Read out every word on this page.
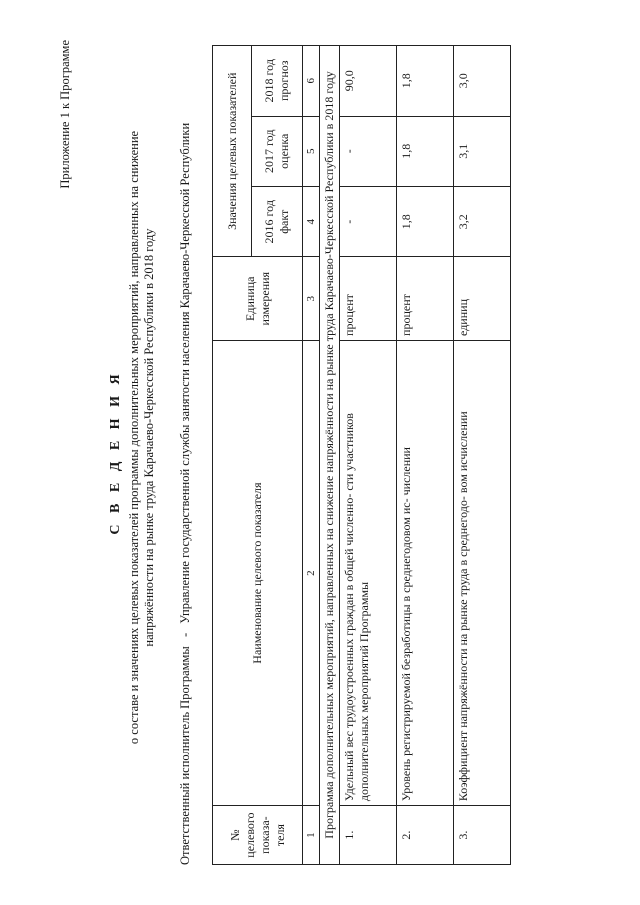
Приложение 1 к Программе
С В Е Д Е Н И Я о составе и значениях целевых показателей программы дополнительных мероприятий, направленных на снижение напряжённости на рынке труда Карачаево-Черкесской Республики в 2018 году
Ответственный исполнитель Программы - Управление государственной службы занятости населения Карачаево-Черкесской Республики
№ целевого показа- теля	Наименование целевого показателя	Единица измерения	Значения целевых показателей		
			2016 год факт	2017 год оценка	2018 год прогноз
1	2	3	4	5	6
Программа дополнительных мероприятий, направленных на снижение напряжённости на рынке труда Карачаево-Черкесской Республики в 2018 году					
1.	Удельный вес трудоустроенных граждан в общей численно- сти участников дополнительных мероприятий Программы	процент	-	-	90,0
2.	Уровень регистрируемой безработицы в среднегодовом ис- числении	процент	1,8	1,8	1,8
3.	Коэффициент напряжённости на рынке труда в среднегодо- вом исчислении	единиц	3,2	3,1	3,0
